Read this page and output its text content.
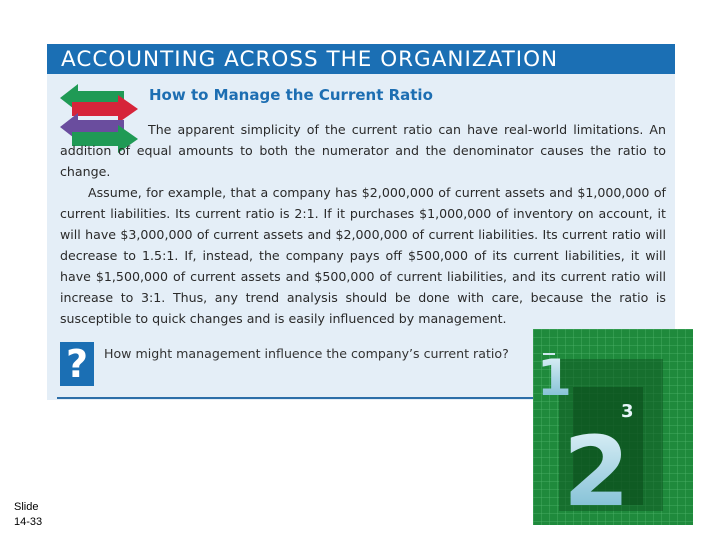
ACCOUNTING ACROSS THE ORGANIZATION
How to Manage the Current Ratio

The apparent simplicity of the current ratio can have real-world limitations. An addition of equal amounts to both the numerator and the denominator causes the ratio to change.

Assume, for example, that a company has $2,000,000 of current assets and $1,000,000 of current liabilities. Its current ratio is 2:1. If it purchases $1,000,000 of inventory on account, it will have $3,000,000 of current assets and $2,000,000 of current liabilities. Its current ratio will decrease to 1.5:1. If, instead, the company pays off $500,000 of its current liabilities, it will have $1,500,000 of current assets and $500,000 of current liabilities, and its current ratio will increase to 3:1. Thus, any trend analysis should be done with care, because the ratio is susceptible to quick changes and is easily influenced by management.

?	How might management influence the company’s current ratio? 1
3
2
Slide
14-33
